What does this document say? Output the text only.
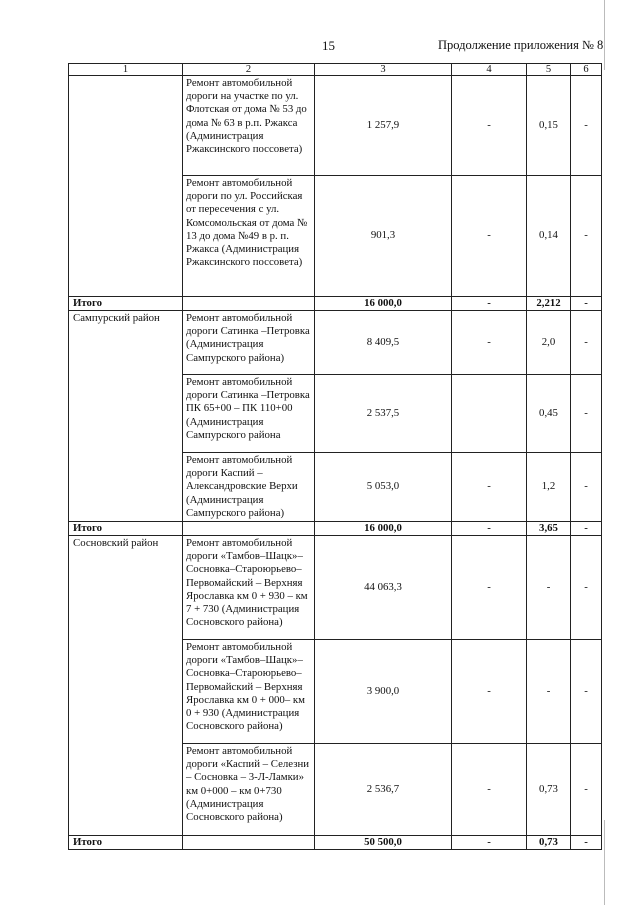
15	Продолжение приложения № 8
1	2	3	4	5	6
	Ремонт автомобильной дороги на участке по ул. Флотская от дома № 53 до дома № 63 в р.п. Ржакса (Администрация Ржаксинского поссовета)	1 257,9	-	0,15	-
	Ремонт автомобильной дороги по ул. Российская от пересечения с ул. Комсомольская от дома № 13 до дома №49 в р. п. Ржакса (Администрация Ржаксинского поссовета)	901,3	-	0,14	-
Итого		16 000,0	-	2,212	-
Сампурский район	Ремонт автомобильной дороги Сатинка –Петровка (Администрация Сампурского района)	8 409,5	-	2,0	-
	Ремонт автомобильной дороги Сатинка –Петровка ПК 65+00 – ПК 110+00 (Администрация Сампурского района	2 537,5		0,45	-
	Ремонт автомобильной дороги Каспий – Александровские Верхи (Администрация Сампурского района)	5 053,0	-	1,2	-
Итого		16 000,0	-	3,65	-
Сосновский район	Ремонт автомобильной дороги «Тамбов–Шацк»– Сосновка–Староюрьево– Первомайский – Верхняя Ярославка км 0 + 930 – км 7 + 730 (Администрация Сосновского района)	44 063,3	-	-	-
	Ремонт автомобильной дороги «Тамбов–Шацк»– Сосновка–Староюрьево– Первомайский – Верхняя Ярославка км 0 + 000– км 0 + 930 (Администрация Сосновского района)	3 900,0	-	-	-
	Ремонт автомобильной дороги «Каспий – Селезни – Сосновка – 3-Л-Ламки» км 0+000 – км 0+730 (Администрация Сосновского района)	2 536,7	-	0,73	-
Итого		50 500,0	-	0,73	-
